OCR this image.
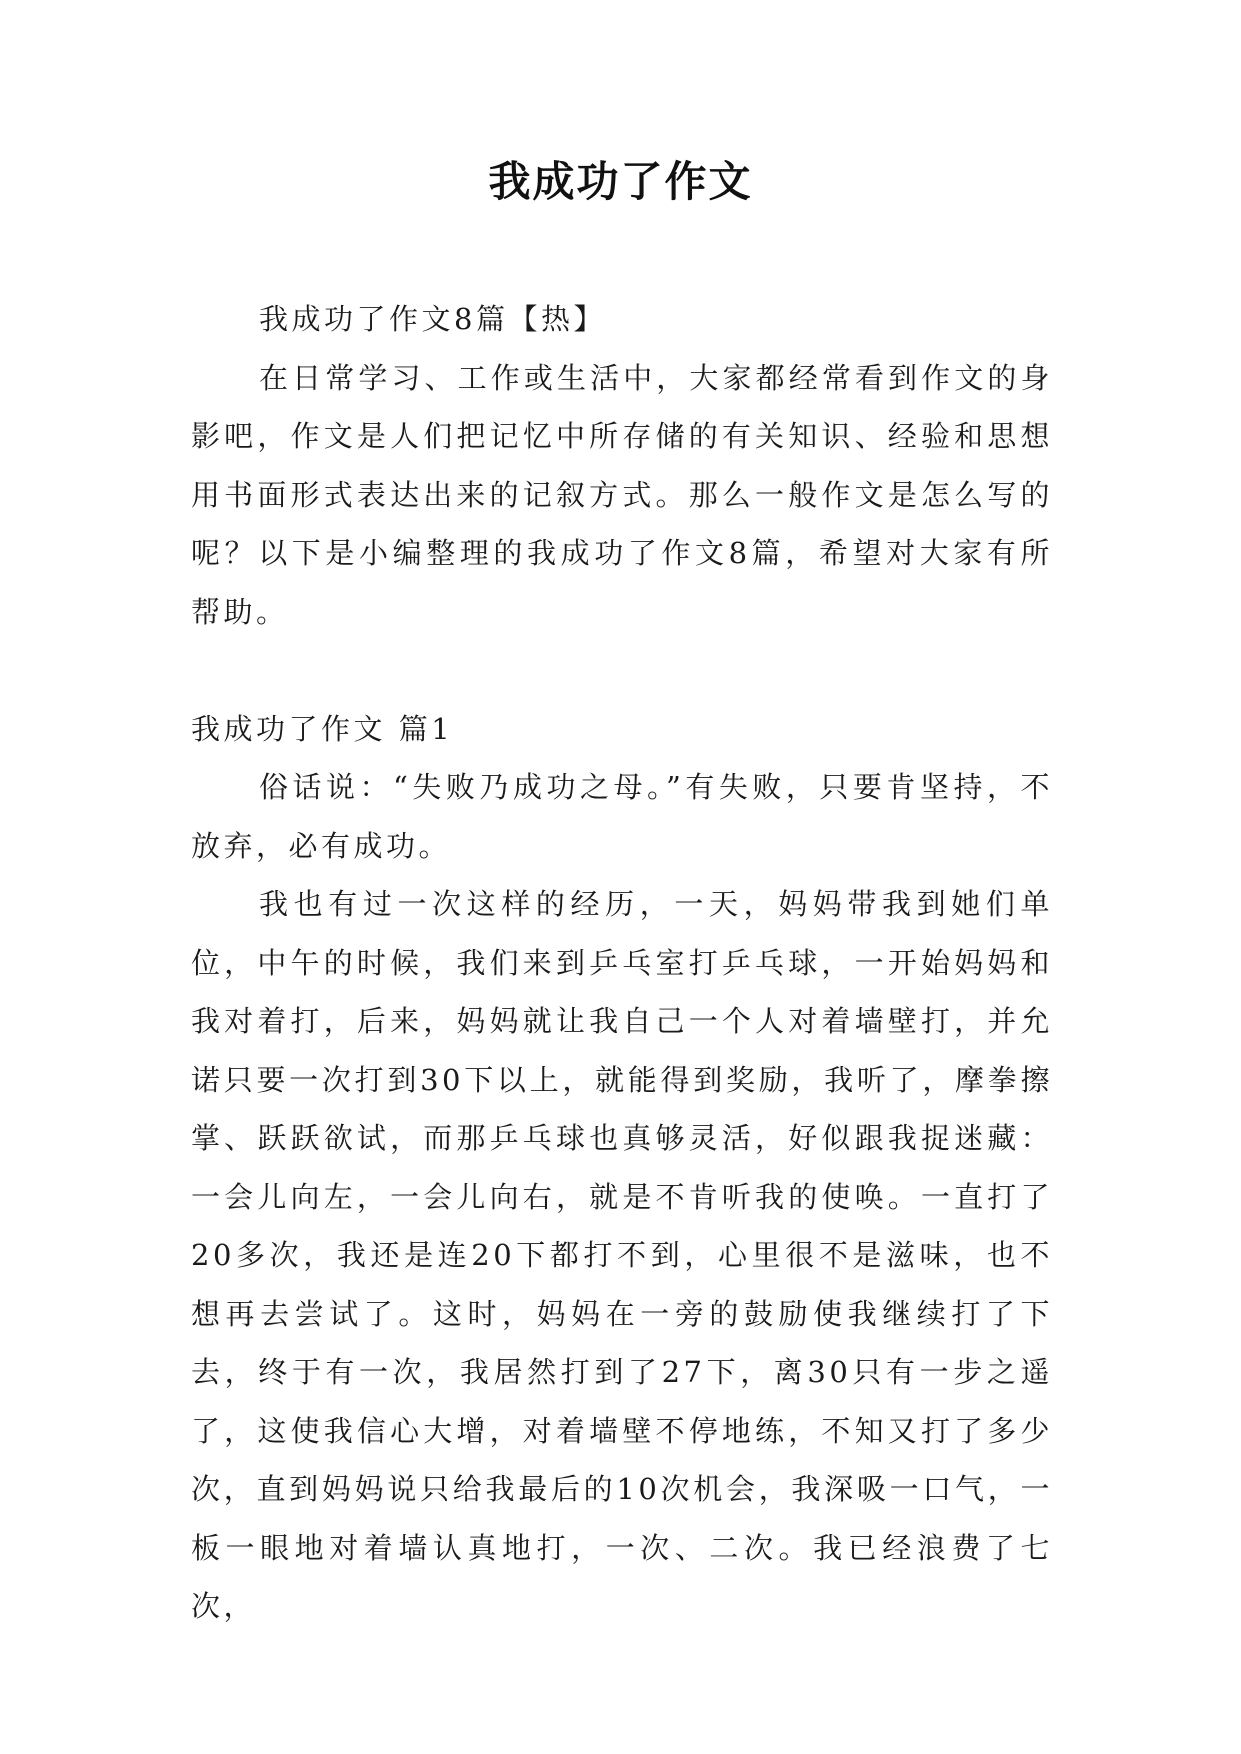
我成功了作文

我成功了作文8篇【热】

在日常学习、工作或生活中，大家都经常看到作文的身影吧，作文是人们把记忆中所存储的有关知识、经验和思想用书面形式表达出来的记叙方式。那么一般作文是怎么写的呢？以下是小编整理的我成功了作文8篇，希望对大家有所帮助。

我成功了作文 篇1

俗话说：“失败乃成功之母。”有失败，只要肯坚持，不放弃，必有成功。

我也有过一次这样的经历，一天，妈妈带我到她们单位，中午的时候，我们来到乒乓室打乒乓球，一开始妈妈和我对着打，后来，妈妈就让我自己一个人对着墙壁打，并允诺只要一次打到30下以上，就能得到奖励，我听了，摩拳擦掌、跃跃欲试，而那乒乓球也真够灵活，好似跟我捉迷藏：一会儿向左，一会儿向右，就是不肯听我的使唤。一直打了20多次，我还是连20下都打不到，心里很不是滋味，也不想再去尝试了。这时，妈妈在一旁的鼓励使我继续打了下去，终于有一次，我居然打到了27下，离30只有一步之遥了，这使我信心大增，对着墙壁不停地练，不知又打了多少次，直到妈妈说只给我最后的10次机会，我深吸一口气，一板一眼地对着墙认真地打，一次、二次。我已经浪费了七次，
